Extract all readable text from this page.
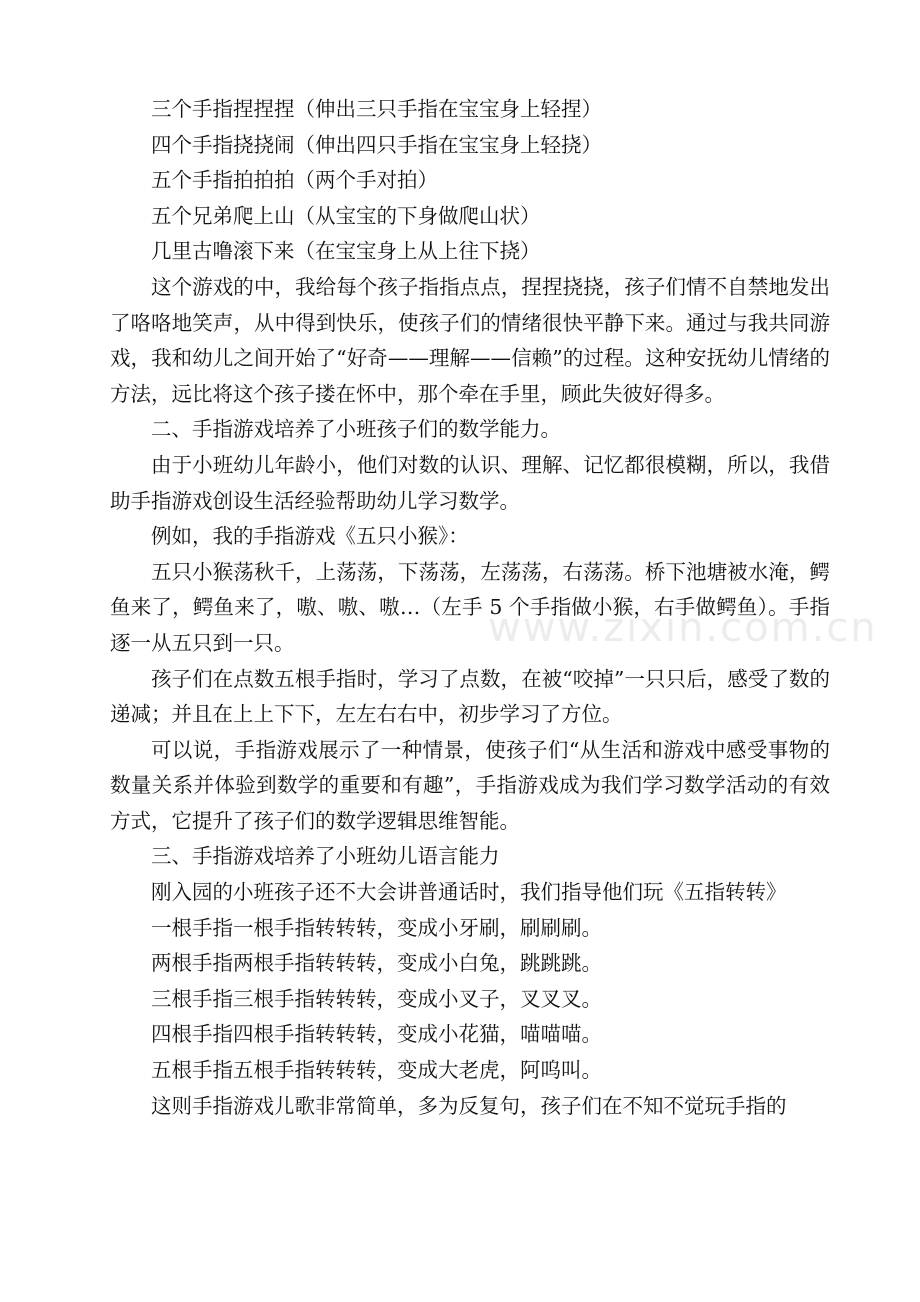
三个手指捏捏捏（伸出三只手指在宝宝身上轻捏）

四个手指挠挠闹（伸出四只手指在宝宝身上轻挠）

五个手指拍拍拍（两个手对拍）

五个兄弟爬上山（从宝宝的下身做爬山状）

几里古噜滚下来（在宝宝身上从上往下挠）

这个游戏的中，我给每个孩子指指点点，捏捏挠挠，孩子们情不自禁地发出了咯咯地笑声，从中得到快乐，使孩子们的情绪很快平静下来。通过与我共同游戏，我和幼儿之间开始了“好奇——理解——信赖”的过程。这种安抚幼儿情绪的方法，远比将这个孩子搂在怀中，那个牵在手里，顾此失彼好得多。

二、手指游戏培养了小班孩子们的数学能力。

由于小班幼儿年龄小，他们对数的认识、理解、记忆都很模糊，所以，我借助手指游戏创设生活经验帮助幼儿学习数学。

例如，我的手指游戏《五只小猴》：

五只小猴荡秋千，上荡荡，下荡荡，左荡荡，右荡荡。桥下池塘被水淹，鳄鱼来了，鳄鱼来了，嗷、嗷、嗷…（左手 5 个手指做小猴，右手做鳄鱼）。手指逐一从五只到一只。

孩子们在点数五根手指时，学习了点数，在被“咬掉”一只只后，感受了数的递减；并且在上上下下，左左右右中，初步学习了方位。

可以说，手指游戏展示了一种情景，使孩子们“从生活和游戏中感受事物的数量关系并体验到数学的重要和有趣”，手指游戏成为我们学习数学活动的有效方式，它提升了孩子们的数学逻辑思维智能。

三、手指游戏培养了小班幼儿语言能力

刚入园的小班孩子还不大会讲普通话时，我们指导他们玩《五指转转》

一根手指一根手指转转转，变成小牙刷，刷刷刷。

两根手指两根手指转转转，变成小白兔，跳跳跳。

三根手指三根手指转转转，变成小叉子，叉叉叉。

四根手指四根手指转转转，变成小花猫，喵喵喵。

五根手指五根手指转转转，变成大老虎，阿呜叫。

这则手指游戏儿歌非常简单，多为反复句，孩子们在不知不觉玩手指的

www.zixin.com.cn
